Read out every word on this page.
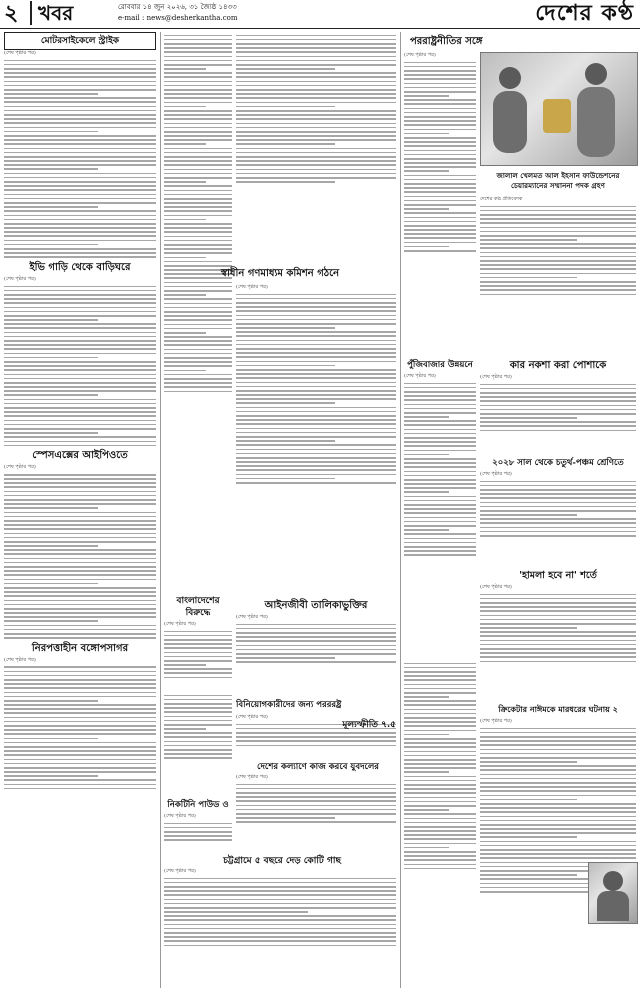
২ খবর	রোববার ১৪ জুন ২০২৬, ৩১ জ্যৈষ্ঠ ১৪৩৩
e-mail : news@desherkantha.com	দেশের কণ্ঠ
মোটরসাইকেলে স্ট্রাইক
(শেষ পৃষ্ঠার পর)
ইভি গাড়ি থেকে বাড়িঘরে
(শেষ পৃষ্ঠার পর)
স্পেসএক্সের আইপিওতে
(শেষ পৃষ্ঠার পর)
নিরপত্তাহীন বঙ্গোপসাগর
(শেষ পৃষ্ঠার পর)
স্বাধীন গণমাধ্যম কমিশন গঠনে
(শেষ পৃষ্ঠার পর)
বাংলাদেশের বিরুদ্ধে
(শেষ পৃষ্ঠার পর)
আইনজীবী তালিকাভুক্তির
(শেষ পৃষ্ঠার পর)
বিনিয়োগকারীদের জন্য পরররষ্ট্র
(শেষ পৃষ্ঠার পর)
দেশের কল্যাণে কাজ করবে যুবদলের
(শেষ পৃষ্ঠার পর)
নিকটিনি পাউড ও
(শেষ পৃষ্ঠার পর)
চট্টগ্রামে ৫ বছরে দেড় কোটি গাছ
(শেষ পৃষ্ঠার পর)
মূল্যস্ফীতি ৭.৫
পররাষ্ট্রনীতির সঙ্গে
(শেষ পৃষ্ঠার পর)
জালাল খেলমত আল ইহসান ফাউন্ডেশনের চেয়ারম্যানের সম্মাননা পদক গ্রহণ
দেশের কণ্ঠ প্রতিবেদক
পুঁজিবাজার উন্নয়নে
(শেষ পৃষ্ঠার পর)
কার নকশা করা পোশাকে
(শেষ পৃষ্ঠার পর)
২০২৮ সাল থেকে চতুর্থ-পঞ্চম শ্রেণিতে
(শেষ পৃষ্ঠার পর)
'হামলা হবে না' শর্তে
(শেষ পৃষ্ঠার পর)
ক্রিকেটার নাঈমকে মারধরের ঘটনায় ২
(শেষ পৃষ্ঠার পর)
